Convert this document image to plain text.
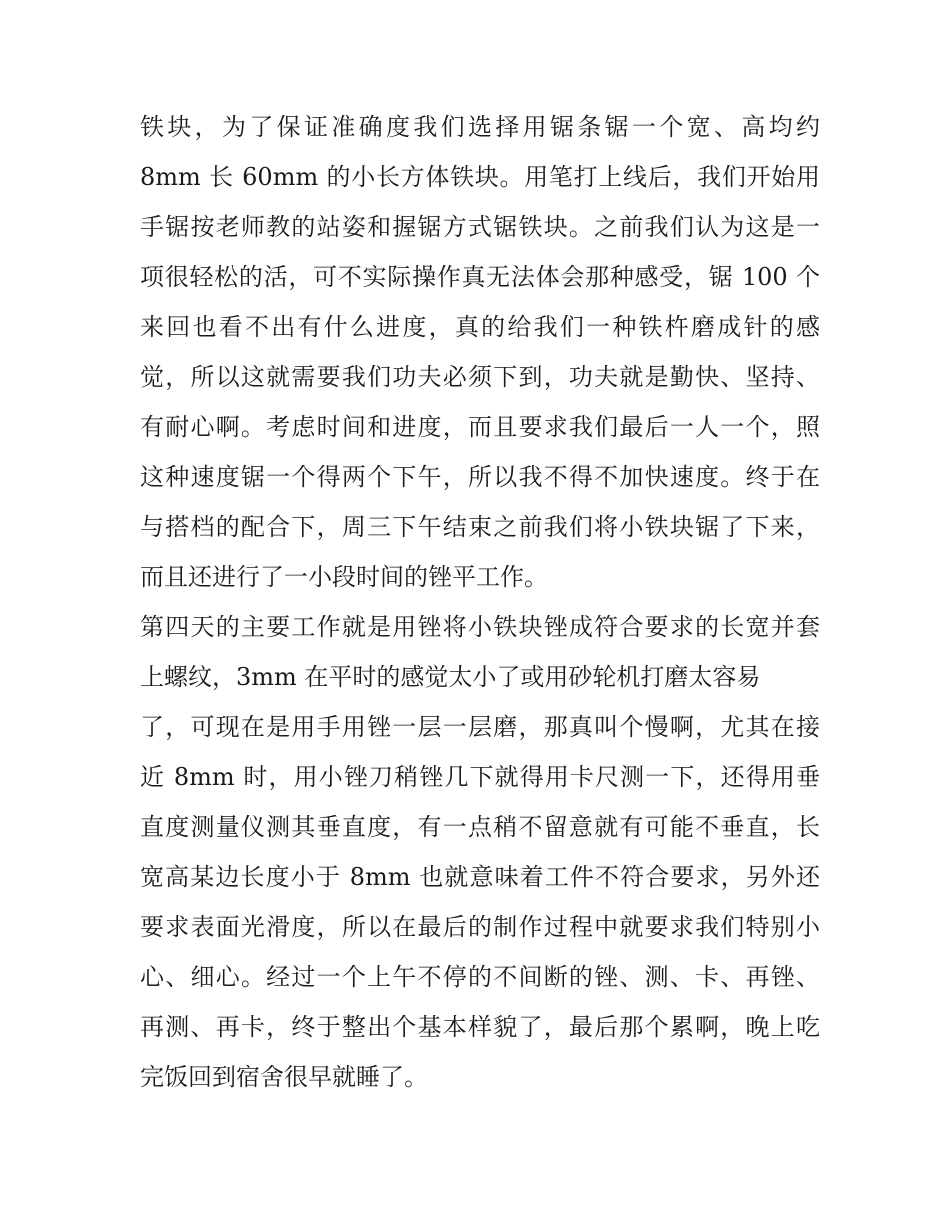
铁块，为了保证准确度我们选择用锯条锯一个宽、高均约
8mm 长 60mm 的小长方体铁块。用笔打上线后，我们开始用
手锯按老师教的站姿和握锯方式锯铁块。之前我们认为这是一
项很轻松的活，可不实际操作真无法体会那种感受，锯 100 个
来回也看不出有什么进度，真的给我们一种铁杵磨成针的感
觉，所以这就需要我们功夫必须下到，功夫就是勤快、坚持、
有耐心啊。考虑时间和进度，而且要求我们最后一人一个，照
这种速度锯一个得两个下午，所以我不得不加快速度。终于在
与搭档的配合下，周三下午结束之前我们将小铁块锯了下来，
而且还进行了一小段时间的锉平工作。
第四天的主要工作就是用锉将小铁块锉成符合要求的长宽并套
上螺纹，3mm 在平时的感觉太小了或用砂轮机打磨太容易
了，可现在是用手用锉一层一层磨，那真叫个慢啊，尤其在接
近 8mm 时，用小锉刀稍锉几下就得用卡尺测一下，还得用垂
直度测量仪测其垂直度，有一点稍不留意就有可能不垂直，长
宽高某边长度小于 8mm 也就意味着工件不符合要求，另外还
要求表面光滑度，所以在最后的制作过程中就要求我们特别小
心、细心。经过一个上午不停的不间断的锉、测、卡、再锉、
再测、再卡，终于整出个基本样貌了，最后那个累啊，晚上吃
完饭回到宿舍很早就睡了。
